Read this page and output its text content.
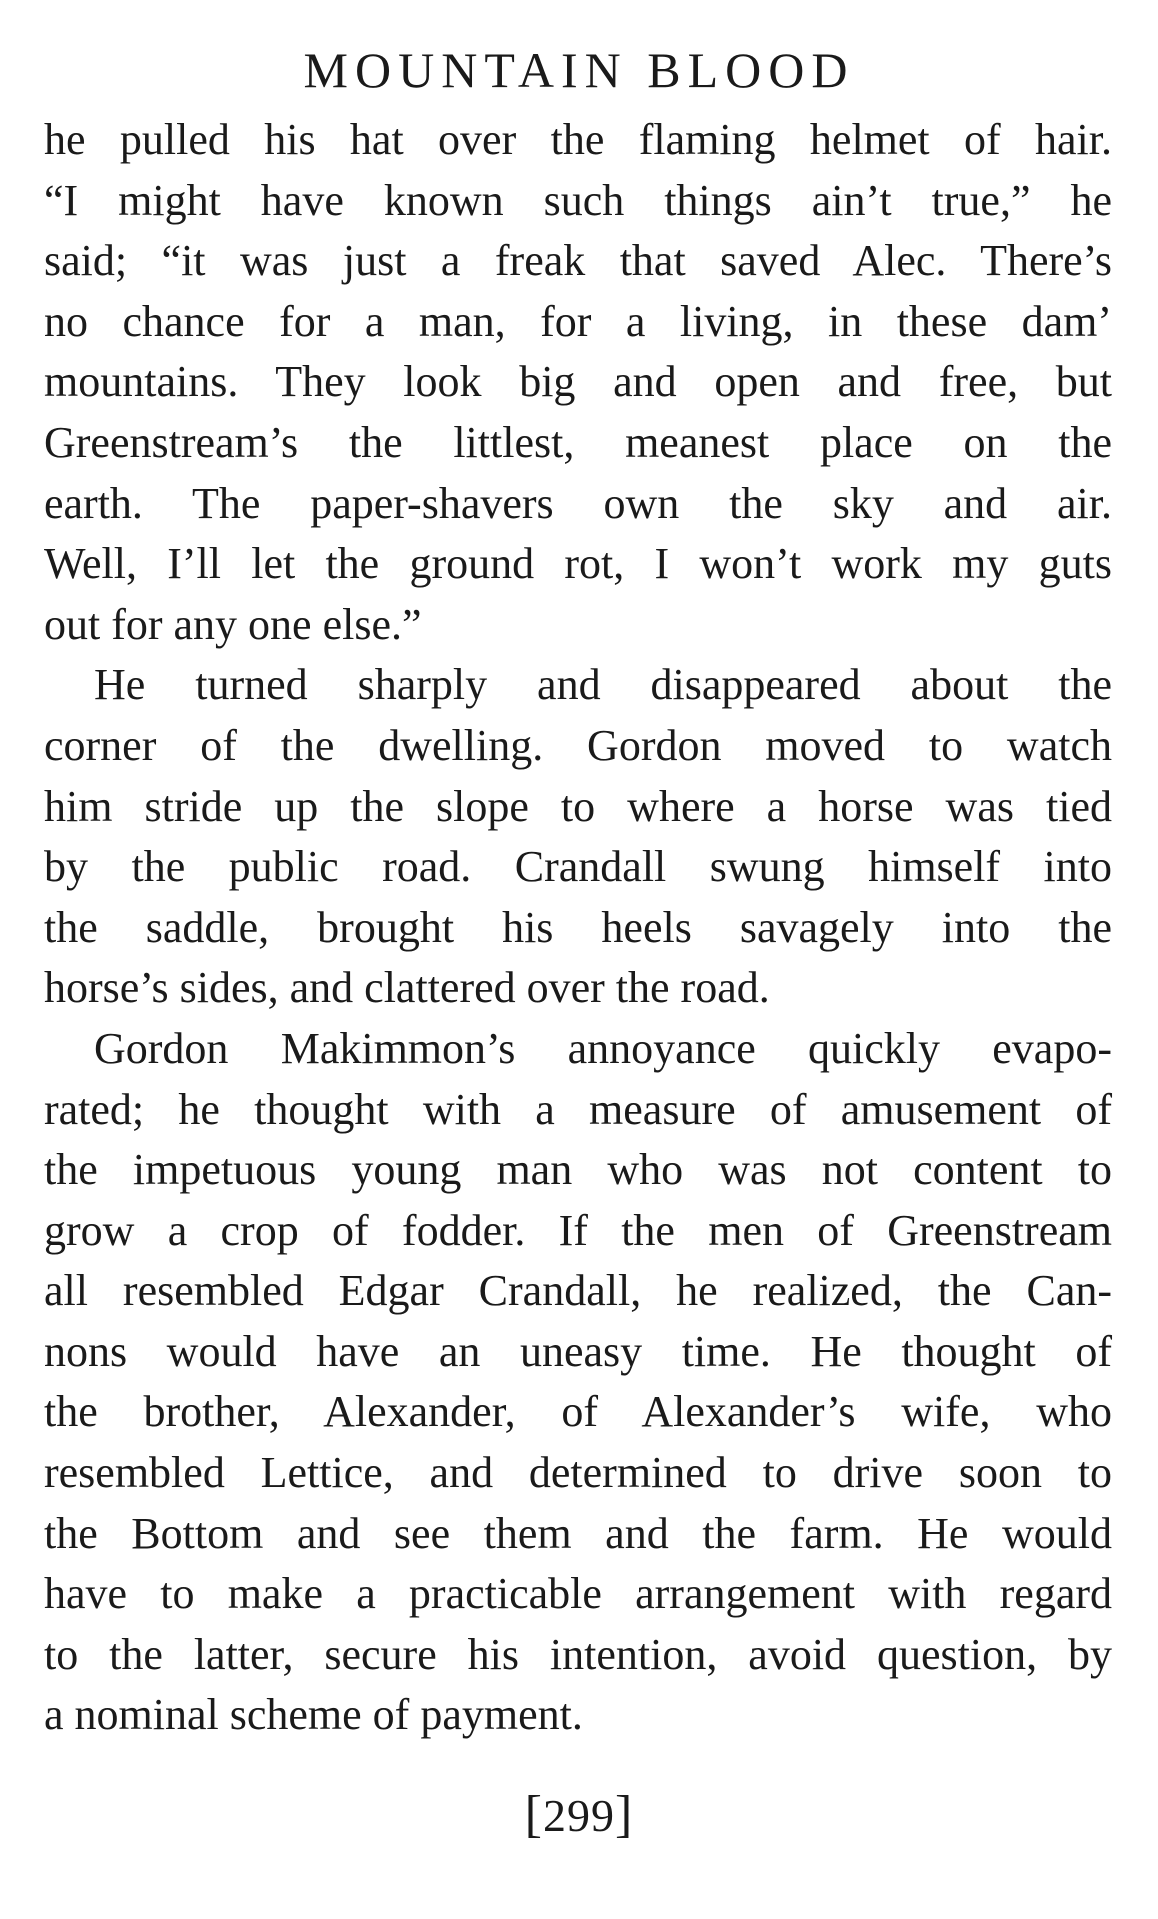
MOUNTAIN BLOOD
he pulled his hat over the flaming helmet of hair.
“I might have known such things ain’t true,” he
said; “it was just a freak that saved Alec. There’s
no chance for a man, for a living, in these dam’
mountains. They look big and open and free, but
Greenstream’s the littlest, meanest place on the
earth. The paper-shavers own the sky and air.
Well, I’ll let the ground rot, I won’t work my guts
out for any one else.”
He turned sharply and disappeared about the
corner of the dwelling. Gordon moved to watch
him stride up the slope to where a horse was tied
by the public road. Crandall swung himself into
the saddle, brought his heels savagely into the
horse’s sides, and clattered over the road.
Gordon Makimmon’s annoyance quickly evapo-
rated; he thought with a measure of amusement of
the impetuous young man who was not content to
grow a crop of fodder. If the men of Greenstream
all resembled Edgar Crandall, he realized, the Can-
nons would have an uneasy time. He thought of
the brother, Alexander, of Alexander’s wife, who
resembled Lettice, and determined to drive soon to
the Bottom and see them and the farm. He would
have to make a practicable arrangement with regard
to the latter, secure his intention, avoid question, by
a nominal scheme of payment.
[299]
